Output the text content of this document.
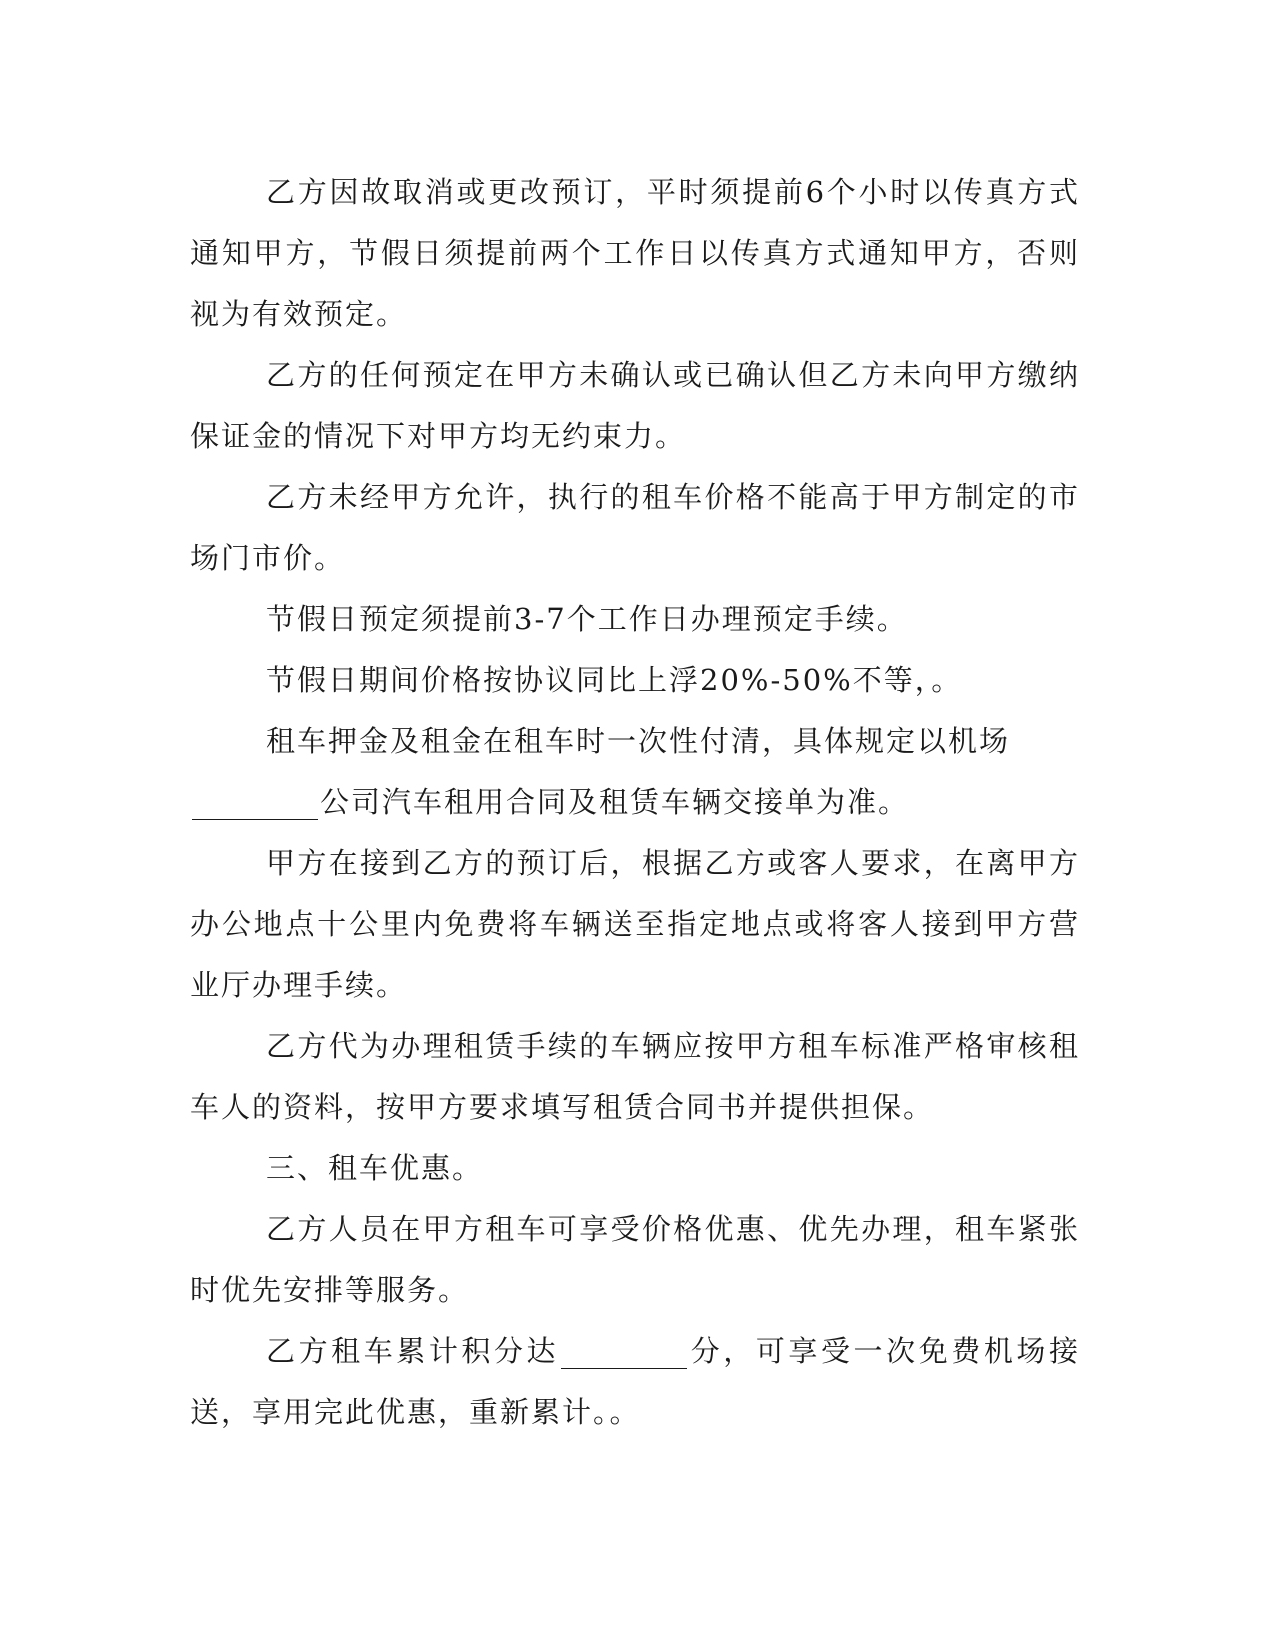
乙方因故取消或更改预订，平时须提前6个小时以传真方式通知甲方，节假日须提前两个工作日以传真方式通知甲方，否则视为有效预定。

乙方的任何预定在甲方未确认或已确认但乙方未向甲方缴纳保证金的情况下对甲方均无约束力。

乙方未经甲方允许，执行的租车价格不能高于甲方制定的市场门市价。

节假日预定须提前3-7个工作日办理预定手续。

节假日期间价格按协议同比上浮20%-50%不等，。

租车押金及租金在租车时一次性付清，具体规定以机场

公司汽车租用合同及租赁车辆交接单为准。

甲方在接到乙方的预订后，根据乙方或客人要求，在离甲方办公地点十公里内免费将车辆送至指定地点或将客人接到甲方营业厅办理手续。

乙方代为办理租赁手续的车辆应按甲方租车标准严格审核租车人的资料，按甲方要求填写租赁合同书并提供担保。

三、租车优惠。

乙方人员在甲方租车可享受价格优惠、优先办理，租车紧张时优先安排等服务。

乙方租车累计积分达	分，可享受一次免费机场接送，享用完此优惠，重新累计。。
